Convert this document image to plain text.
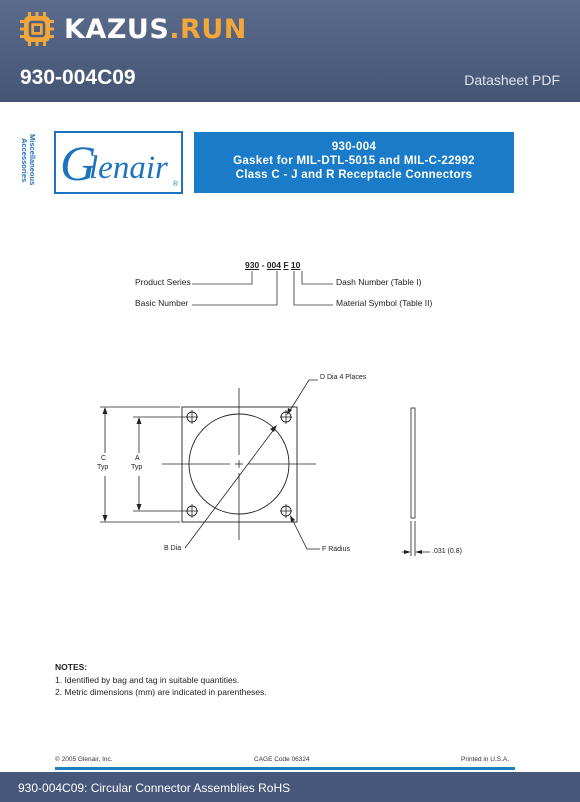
KAZUS.RUN
930-004C09	Datasheet PDF
Miscellaneous
Accessories G
lenair ®
930-004
Gasket for MIL-DTL-5015 and MIL-C-22992
Class C - J and R Receptacle Connectors
930 - 004 F 10
Product Series
Basic Number
Dash Number (Table I)
Material Symbol (Table II)
D Dia 4 Places
C
Typ
A
Typ
B Dia	F Radius	.031 (0.8)
NOTES:
1. Identified by bag and tag in suitable quantities.
2. Metric dimensions (mm) are indicated in parentheses.
© 2005 Glenair, Inc.	CAGE Code 06324	Printed in U.S.A.
930-004C09: Circular Connector Assemblies RoHS
